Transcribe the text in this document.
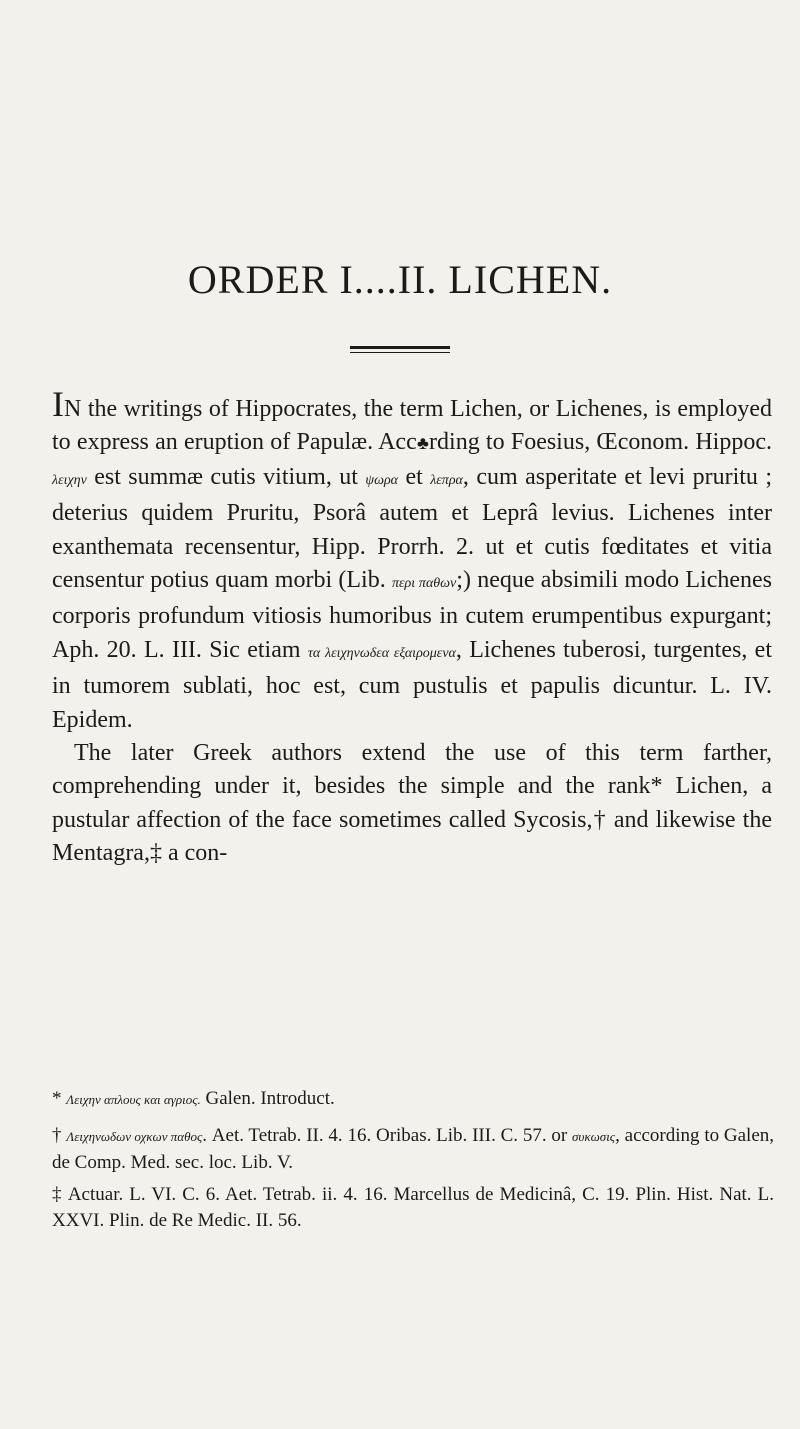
ORDER I....II. LICHEN.

IN the writings of Hippocrates, the term Lichen, or Lichenes, is employed to express an eruption of Papulæ. Acc♣rding to Foesius, Œconom. Hippoc. λειχην est summæ cutis vitium, ut ψωρα et λεπρα, cum asperitate et levi pruritu ; deterius quidem Pruritu, Psorâ autem et Leprâ levius. Lichenes inter exanthemata recensentur, Hipp. Prorrh. 2. ut et cutis fœditates et vitia censentur potius quam morbi (Lib. περι παθων;) neque absimili modo Lichenes corporis profundum vitiosis humoribus in cutem erumpentibus expurgant; Aph. 20. L. III. Sic etiam τα λειχηνωδεα εξαιρομενα, Lichenes tuberosi, turgentes, et in tumorem sublati, hoc est, cum pustulis et papulis dicuntur. L. IV. Epidem.

The later Greek authors extend the use of this term farther, comprehending under it, besides the simple and the rank* Lichen, a pustular affection of the face sometimes called Sycosis,† and likewise the Mentagra,‡ a con-

* Λειχην απλους και αγριος. Galen. Introduct.

† Λειχηνωδων οχκων παθος. Aet. Tetrab. II. 4. 16. Oribas. Lib. III. C. 57. or συκωσις, according to Galen, de Comp. Med. sec. loc. Lib. V.

‡ Actuar. L. VI. C. 6. Aet. Tetrab. ii. 4. 16. Marcellus de Medicinâ, C. 19. Plin. Hist. Nat. L. XXVI. Plin. de Re Medic. II. 56.
